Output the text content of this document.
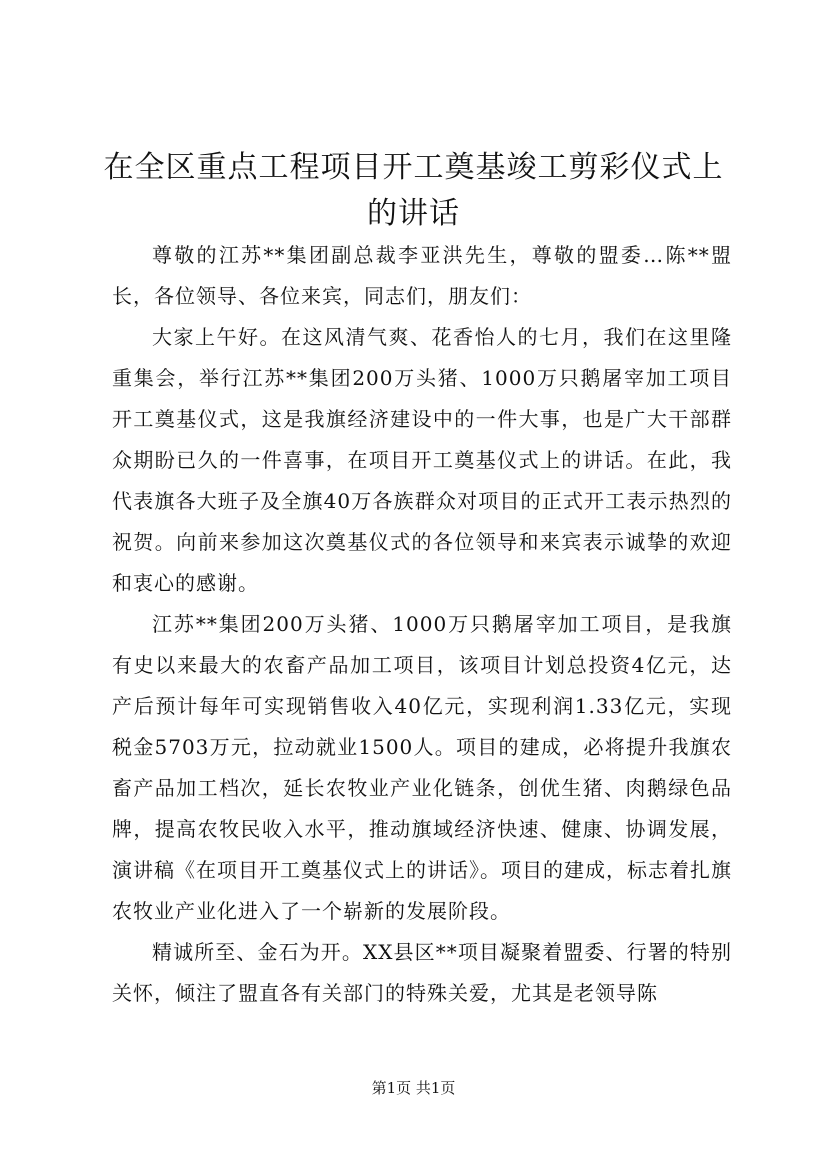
在全区重点工程项目开工奠基竣工剪彩仪式上
的讲话

尊敬的江苏**集团副总裁李亚洪先生，尊敬的盟委…陈**盟长，各位领导、各位来宾，同志们，朋友们：

大家上午好。在这风清气爽、花香怡人的七月，我们在这里隆重集会，举行江苏**集团200万头猪、1000万只鹅屠宰加工项目开工奠基仪式，这是我旗经济建设中的一件大事，也是广大干部群众期盼已久的一件喜事，在项目开工奠基仪式上的讲话。在此，我代表旗各大班子及全旗40万各族群众对项目的正式开工表示热烈的祝贺。向前来参加这次奠基仪式的各位领导和来宾表示诚挚的欢迎和衷心的感谢。

江苏**集团200万头猪、1000万只鹅屠宰加工项目，是我旗有史以来最大的农畜产品加工项目，该项目计划总投资4亿元，达产后预计每年可实现销售收入40亿元，实现利润1.33亿元，实现税金5703万元，拉动就业1500人。项目的建成，必将提升我旗农畜产品加工档次，延长农牧业产业化链条，创优生猪、肉鹅绿色品牌，提高农牧民收入水平，推动旗域经济快速、健康、协调发展，演讲稿《在项目开工奠基仪式上的讲话》。项目的建成，标志着扎旗农牧业产业化进入了一个崭新的发展阶段。

精诚所至、金石为开。XX县区**项目凝聚着盟委、行署的特别关怀，倾注了盟直各有关部门的特殊关爱，尤其是老领导陈

第1页 共1页
